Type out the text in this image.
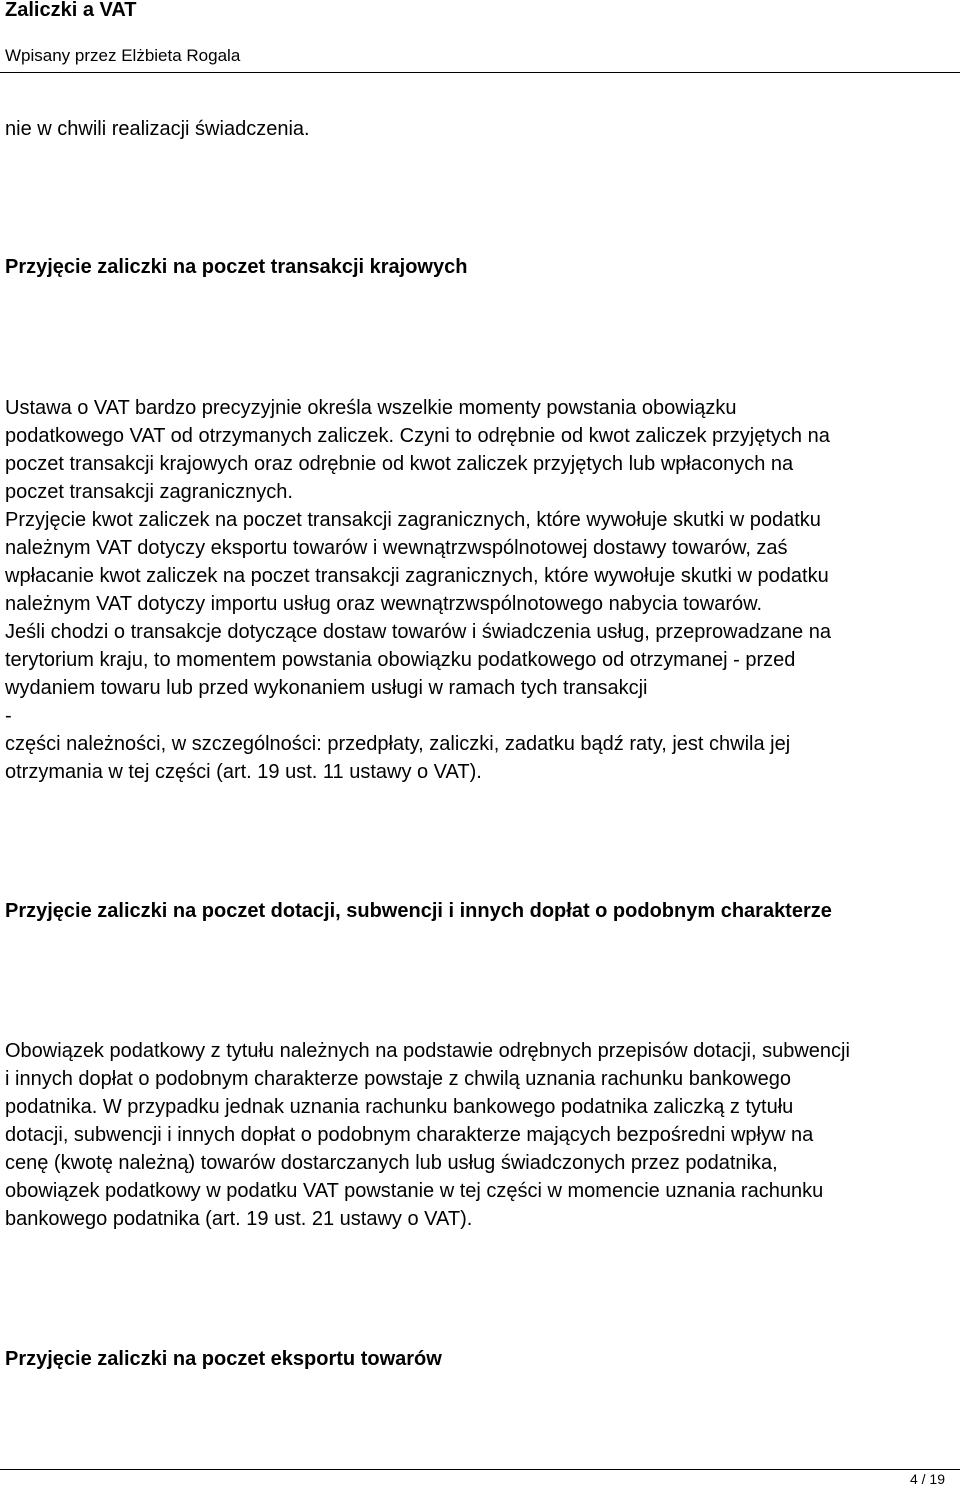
Zaliczki a VAT
Wpisany przez Elżbieta Rogala

nie w chwili realizacji świadczenia.

Przyjęcie zaliczki na poczet transakcji krajowych

Ustawa o VAT bardzo precyzyjnie określa wszelkie momenty powstania obowiązku

podatkowego VAT od otrzymanych zaliczek. Czyni to odrębnie od kwot zaliczek przyjętych na

poczet transakcji krajowych oraz odrębnie od kwot zaliczek przyjętych lub wpłaconych na

poczet transakcji zagranicznych.

Przyjęcie kwot zaliczek na poczet transakcji zagranicznych, które wywołuje skutki w podatku

należnym VAT dotyczy eksportu towarów i wewnątrzwspólnotowej dostawy towarów, zaś

wpłacanie kwot zaliczek na poczet transakcji zagranicznych, które wywołuje skutki w podatku

należnym VAT dotyczy importu usług oraz wewnątrzwspólnotowego nabycia towarów.

Jeśli chodzi o transakcje dotyczące dostaw towarów i świadczenia usług, przeprowadzane na

terytorium kraju, to momentem powstania obowiązku podatkowego od otrzymanej - przed

wydaniem towaru lub przed wykonaniem usługi w ramach tych transakcji

-

części należności, w szczególności: przedpłaty, zaliczki, zadatku bądź raty, jest chwila jej

otrzymania w tej części (art. 19 ust. 11 ustawy o VAT).

Przyjęcie zaliczki na poczet dotacji, subwencji i innych dopłat o podobnym charakterze

Obowiązek podatkowy z tytułu należnych na podstawie odrębnych przepisów dotacji, subwencji

i innych dopłat o podobnym charakterze powstaje z chwilą uznania rachunku bankowego

podatnika. W przypadku jednak uznania rachunku bankowego podatnika zaliczką z tytułu

dotacji, subwencji i innych dopłat o podobnym charakterze mających bezpośredni wpływ na

cenę (kwotę należną) towarów dostarczanych lub usług świadczonych przez podatnika,

obowiązek podatkowy w podatku VAT powstanie w tej części w momencie uznania rachunku

bankowego podatnika (art. 19 ust. 21 ustawy o VAT).

Przyjęcie zaliczki na poczet eksportu towarów
4 / 19
